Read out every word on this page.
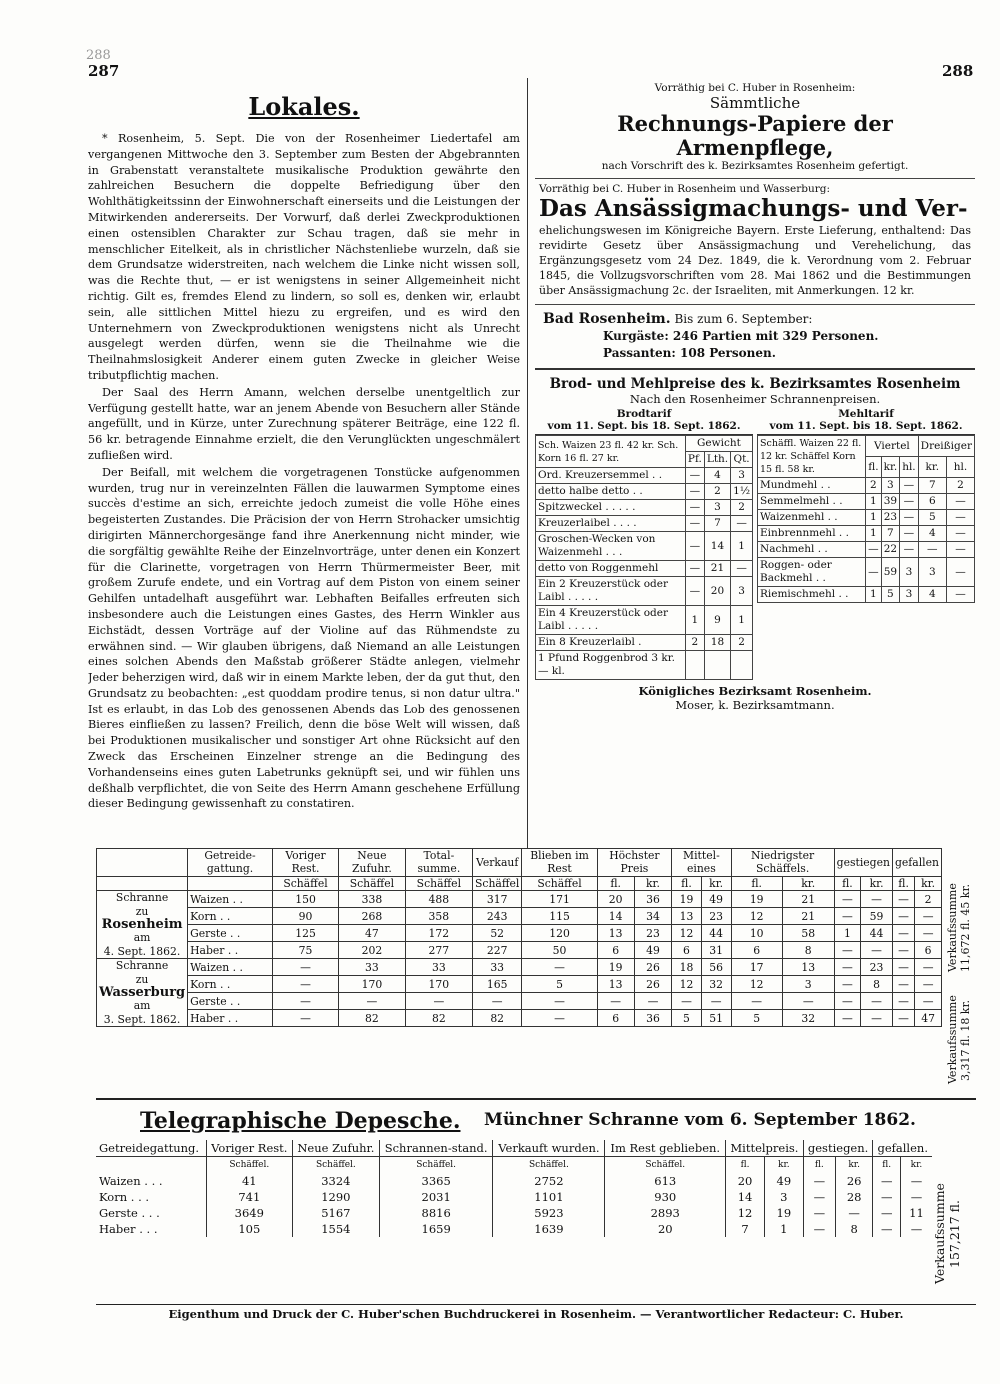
288
287	288
Lokales.

* Rosenheim, 5. Sept. Die von der Rosenheimer Liedertafel am vergangenen Mittwoche den 3. September zum Besten der Abgebrannten in Grabenstatt veranstaltete musikalische Produktion gewährte den zahlreichen Besuchern die doppelte Befriedigung über den Wohlthätigkeitssinn der Einwohnerschaft einerseits und die Leistungen der Mitwirkenden andererseits. Der Vorwurf, daß derlei Zweckproduktionen einen ostensiblen Charakter zur Schau tragen, daß sie mehr in menschlicher Eitelkeit, als in christlicher Nächstenliebe wurzeln, daß sie dem Grundsatze widerstreiten, nach welchem die Linke nicht wissen soll, was die Rechte thut, — er ist wenigstens in seiner Allgemeinheit nicht richtig. Gilt es, fremdes Elend zu lindern, so soll es, denken wir, erlaubt sein, alle sittlichen Mittel hiezu zu ergreifen, und es wird den Unternehmern von Zweckproduktionen wenigstens nicht als Unrecht ausgelegt werden dürfen, wenn sie die Theilnahme wie die Theilnahmslosigkeit Anderer einem guten Zwecke in gleicher Weise tributpflichtig machen.

Der Saal des Herrn Amann, welchen derselbe unentgeltlich zur Verfügung gestellt hatte, war an jenem Abende von Besuchern aller Stände angefüllt, und in Kürze, unter Zurechnung späterer Beiträge, eine 122 fl. 56 kr. betragende Einnahme erzielt, die den Verunglückten ungeschmälert zufließen wird.

Der Beifall, mit welchem die vorgetragenen Tonstücke aufgenommen wurden, trug nur in vereinzelnten Fällen die lauwarmen Symptome eines succès d'estime an sich, erreichte jedoch zumeist die volle Höhe eines begeisterten Zustandes. Die Präcision der von Herrn Strohacker umsichtig dirigirten Männerchorgesänge fand ihre Anerkennung nicht minder, wie die sorgfältig gewählte Reihe der Einzelnvorträge, unter denen ein Konzert für die Clarinette, vorgetragen von Herrn Thürmermeister Beer, mit großem Zurufe endete, und ein Vortrag auf dem Piston von einem seiner Gehilfen untadelhaft ausgeführt war. Lebhaften Beifalles erfreuten sich insbesondere auch die Leistungen eines Gastes, des Herrn Winkler aus Eichstädt, dessen Vorträge auf der Violine auf das Rühmendste zu erwähnen sind. — Wir glauben übrigens, daß Niemand an alle Leistungen eines solchen Abends den Maßstab größerer Städte anlegen, vielmehr Jeder beherzigen wird, daß wir in einem Markte leben, der da gut thut, den Grundsatz zu beobachten: „est quoddam prodire tenus, si non datur ultra." Ist es erlaubt, in das Lob des genossenen Abends das Lob des genossenen Bieres einfließen zu lassen? Freilich, denn die böse Welt will wissen, daß bei Produktionen musikalischer und sonstiger Art ohne Rücksicht auf den Zweck das Erscheinen Einzelner strenge an die Bedingung des Vorhandenseins eines guten Labetrunks geknüpft sei, und wir fühlen uns deßhalb verpflichtet, die von Seite des Herrn Amann geschehene Erfüllung dieser Bedingung gewissenhaft zu constatiren.

Vorräthig bei C. Huber in Rosenheim:
Sämmtliche
Rechnungs-Papiere der Armenpflege,
nach Vorschrift des k. Bezirksamtes Rosenheim gefertigt.
Vorräthig bei C. Huber in Rosenheim und Wasserburg:
Das Ansässigmachungs- und Ver-
ehelichungswesen im Königreiche Bayern. Erste Lieferung, enthaltend: Das revidirte Gesetz über Ansässigmachung und Verehelichung, das Ergänzungsgesetz vom 24 Dez. 1849, die k. Verordnung vom 2. Februar 1845, die Vollzugsvorschriften vom 28. Mai 1862 und die Bestimmungen über Ansässigmachung 2c. der Israeliten, mit Anmerkungen. 12 kr.
Bad Rosenheim. Bis zum 6. September:
Kurgäste: 246 Partien mit 329 Personen.
Passanten: 108 Personen.
Brod- und Mehlpreise des k. Bezirksamtes Rosenheim
Nach den Rosenheimer Schrannenpreisen.
Brodtarif
vom 11. Sept. bis 18. Sept. 1862.
Sch. Waizen 23 fl. 42 kr. Sch. Korn 16 fl. 27 kr.	Gewicht		
	Pf.	Lth.	Qt.
Ord. Kreuzersemmel . .	—	4	3
detto halbe detto . .	—	2	1½
Spitzweckel . . . . .	—	3	2
Kreuzerlaibel . . . .	—	7	—
Groschen-Wecken von Waizenmehl . . .	—	14	1
detto von Roggenmehl	—	21	—
Ein 2 Kreuzerstück oder Laibl . . . . .	—	20	3
Ein 4 Kreuzerstück oder Laibl . . . . .	1	9	1
Ein 8 Kreuzerlaibl .	2	18	2
1 Pfund Roggenbrod 3 kr. — kl.			
Mehltarif
vom 11. Sept. bis 18. Sept. 1862.
Schäffl. Waizen 22 fl. 12 kr. Schäffel Korn 15 fl. 58 kr.	Viertel			Dreißiger	
	fl.	kr.	hl.	kr.	hl.
Mundmehl . .	2	3	—	7	2
Semmelmehl . .	1	39	—	6	—
Waizenmehl . .	1	23	—	5	—
Einbrennmehl . .	1	7	—	4	—
Nachmehl . .	—	22	—	—	—
Roggen- oder Backmehl . .	—	59	3	3	—
Riemischmehl . .	1	5	3	4	—
Königliches Bezirksamt Rosenheim.
Moser, k. Bezirksamtmann.
	Getreide-gattung.	Voriger Rest.	Neue Zufuhr.	Total-summe.	Verkauf	Blieben im Rest	Höchster Preis		Mittel-eines		Niedrigster Schäffels.		gestiegen		gefallen	
		Schäffel	Schäffel	Schäffel	Schäffel	Schäffel	fl.	kr.	fl.	kr.	fl.	kr.	fl.	kr.	fl.	kr.

Schranne
zu
Rosenheim
am
4. Sept. 1862.	Waizen . .	150	338	488	317	171	20	36	19	49	19	21	—	—	—	2
	Korn . .	90	268	358	243	115	14	34	13	23	12	21	—	59	—	—
	Gerste . .	125	47	172	52	120	13	23	12	44	10	58	1	44	—	—
	Haber . .	75	202	277	227	50	6	49	6	31	6	8	—	—	—	6

Schranne
zu
Wasserburg
am
3. Sept. 1862.	Waizen . .	—	33	33	33	—	19	26	18	56	17	13	—	23	—	—
	Korn . .	—	170	170	165	5	13	26	12	32	12	3	—	8	—	—
	Gerste . .	—	—	—	—	—	—	—	—	—	—	—	—	—	—	—
	Haber . .	—	82	82	82	—	6	36	5	51	5	32	—	—	—	47
Verkaufssumme 11,672 fl. 45 kr.
Verkaufssumme 3,317 fl. 18 kr.
Telegraphische Depesche. Münchner Schranne vom 6. September 1862.
Getreidegattung.	Voriger Rest.	Neue Zufuhr.	Schrannen-stand.	Verkauft wurden.	Im Rest geblieben.	Mittelpreis.		gestiegen.		gefallen.	
	Schäffel.	Schäffel.	Schäffel.	Schäffel.	Schäffel.	fl.	kr.	fl.	kr.	fl.	kr.
Waizen . . .	41	3324	3365	2752	613	20	49	—	26	—	—
Korn . . .	741	1290	2031	1101	930	14	3	—	28	—	—
Gerste . . .	3649	5167	8816	5923	2893	12	19	—	—	—	11
Haber . . .	105	1554	1659	1639	20	7	1	—	8	—	— Verkaufssumme 157,217 fl.
Eigenthum und Druck der C. Huber'schen Buchdruckerei in Rosenheim. — Verantwortlicher Redacteur: C. Huber.
